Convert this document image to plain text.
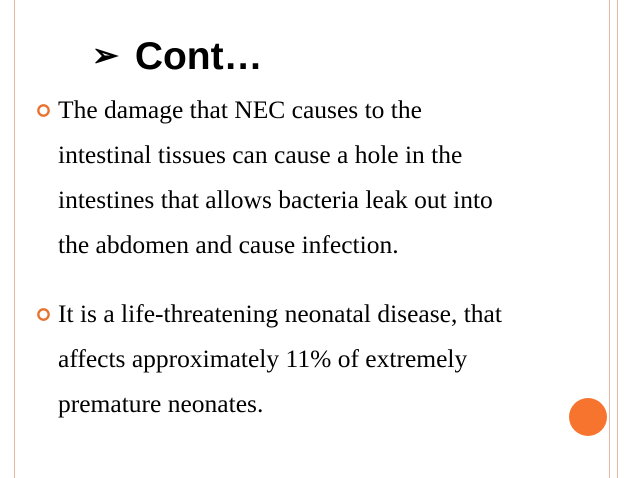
➢ Cont…
The damage that NEC causes to the
intestinal tissues can cause a hole in the
intestines that allows bacteria leak out into
the abdomen and cause infection.
It is a life-threatening neonatal disease, that
affects approximately 11% of extremely
premature neonates.
